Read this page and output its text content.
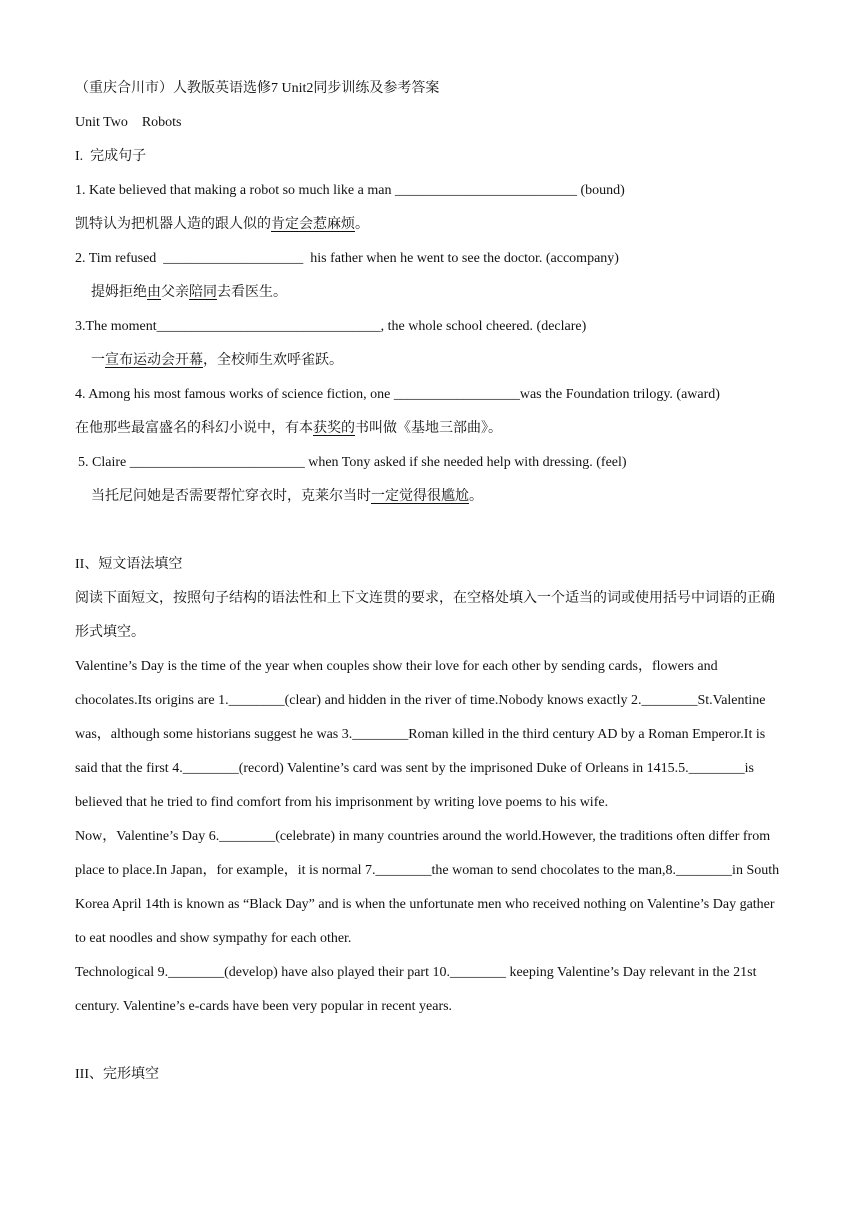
（重庆合川市）人教版英语选修7 Unit2同步训练及参考答案

Unit Two    Robots

I.  完成句子

1. Kate believed that making a robot so much like a man __________________________ (bound)

凯特认为把机器人造的跟人似的肯定会惹麻烦。

2. Tim refused  ____________________  his father when he went to see the doctor. (accompany)

提姆拒绝由父亲陪同去看医生。

3.The moment________________________________, the whole school cheered. (declare)

一宣布运动会开幕，全校师生欢呼雀跃。

4. Among his most famous works of science fiction, one __________________was the Foundation trilogy. (award)

在他那些最富盛名的科幻小说中，有本获奖的书叫做《基地三部曲》。

5. Claire _________________________ when Tony asked if she needed help with dressing. (feel)

当托尼问她是否需要帮忙穿衣时，克莱尔当时一定觉得很尴尬。

II、短文语法填空

阅读下面短文，按照句子结构的语法性和上下文连贯的要求，在空格处填入一个适当的词或使用括号中词语的正确形式填空。

Valentine’s Day is the time of the year when couples show their love for each other by sending cards，flowers and chocolates.Its origins are 1.________(clear) and hidden in the river of time.Nobody knows exactly 2.________St.Valentine was，although some historians suggest he was 3.________Roman killed in the third century AD by a Roman Emperor.It is said that the first 4.________(record) Valentine’s card was sent by the imprisoned Duke of Orleans in 1415.5.________is believed that he tried to find comfort from his imprisonment by writing love poems to his wife.

Now，Valentine’s Day 6.________(celebrate) in many countries around the world.However, the traditions often differ from place to place.In Japan，for example，it is normal 7.________the woman to send chocolates to the man,8.________in South Korea April 14th is known as “Black Day” and is when the unfortunate men who received nothing on Valentine’s Day gather to eat noodles and show sympathy for each other.

Technological 9.________(develop) have also played their part 10.________ keeping Valentine’s Day relevant in the 21st century. Valentine’s e-cards have been very popular in recent years.

III、完形填空
